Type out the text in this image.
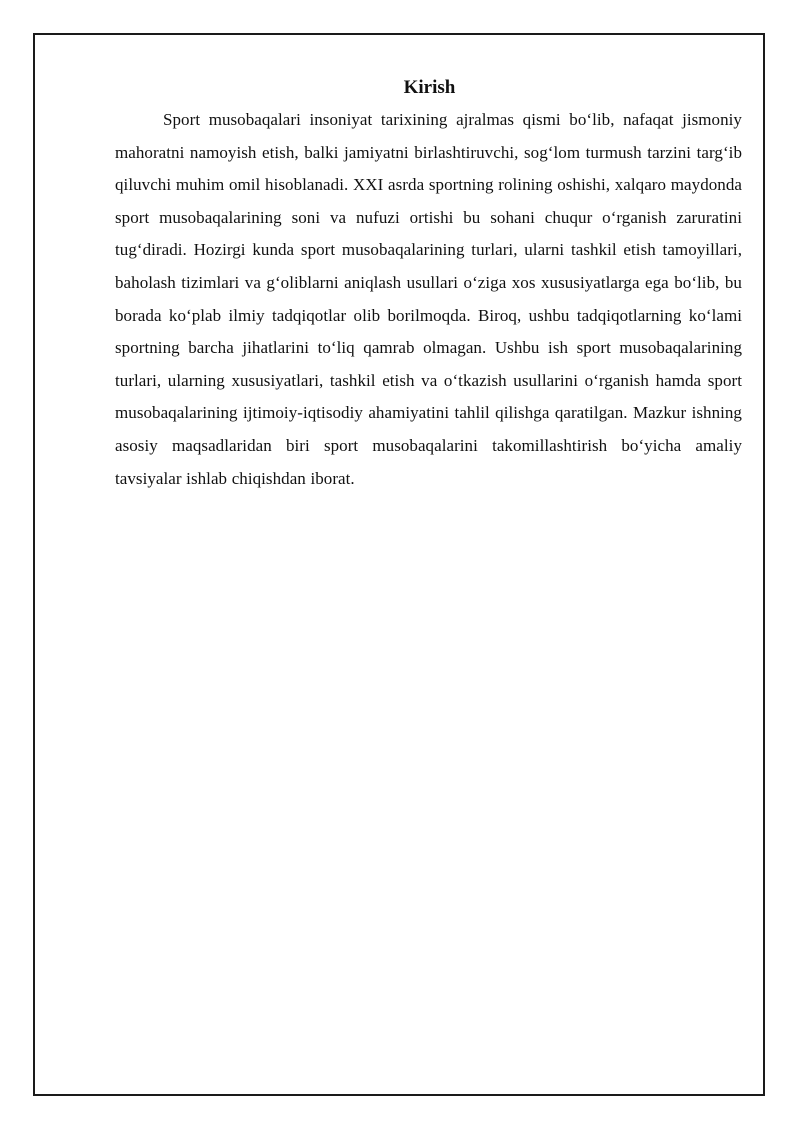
Kirish

Sport musobaqalari insoniyat tarixining ajralmas qismi bo‘lib, nafaqat jismoniy mahoratni namoyish etish, balki jamiyatni birlashtiruvchi, sog‘lom turmush tarzini targ‘ib qiluvchi muhim omil hisoblanadi. XXI asrda sportning rolining oshishi, xalqaro maydonda sport musobaqalarining soni va nufuzi ortishi bu sohani chuqur o‘rganish zaruratini tug‘diradi. Hozirgi kunda sport musobaqalarining turlari, ularni tashkil etish tamoyillari, baholash tizimlari va g‘oliblarni aniqlash usullari o‘ziga xos xususiyatlarga ega bo‘lib, bu borada ko‘plab ilmiy tadqiqotlar olib borilmoqda. Biroq, ushbu tadqiqotlarning ko‘lami sportning barcha jihatlarini to‘liq qamrab olmagan. Ushbu ish sport musobaqalarining turlari, ularning xususiyatlari, tashkil etish va o‘tkazish usullarini o‘rganish hamda sport musobaqalarining ijtimoiy-iqtisodiy ahamiyatini tahlil qilishga qaratilgan. Mazkur ishning asosiy maqsadlaridan biri sport musobaqalarini takomillashtirish bo‘yicha amaliy tavsiyalar ishlab chiqishdan iborat.
